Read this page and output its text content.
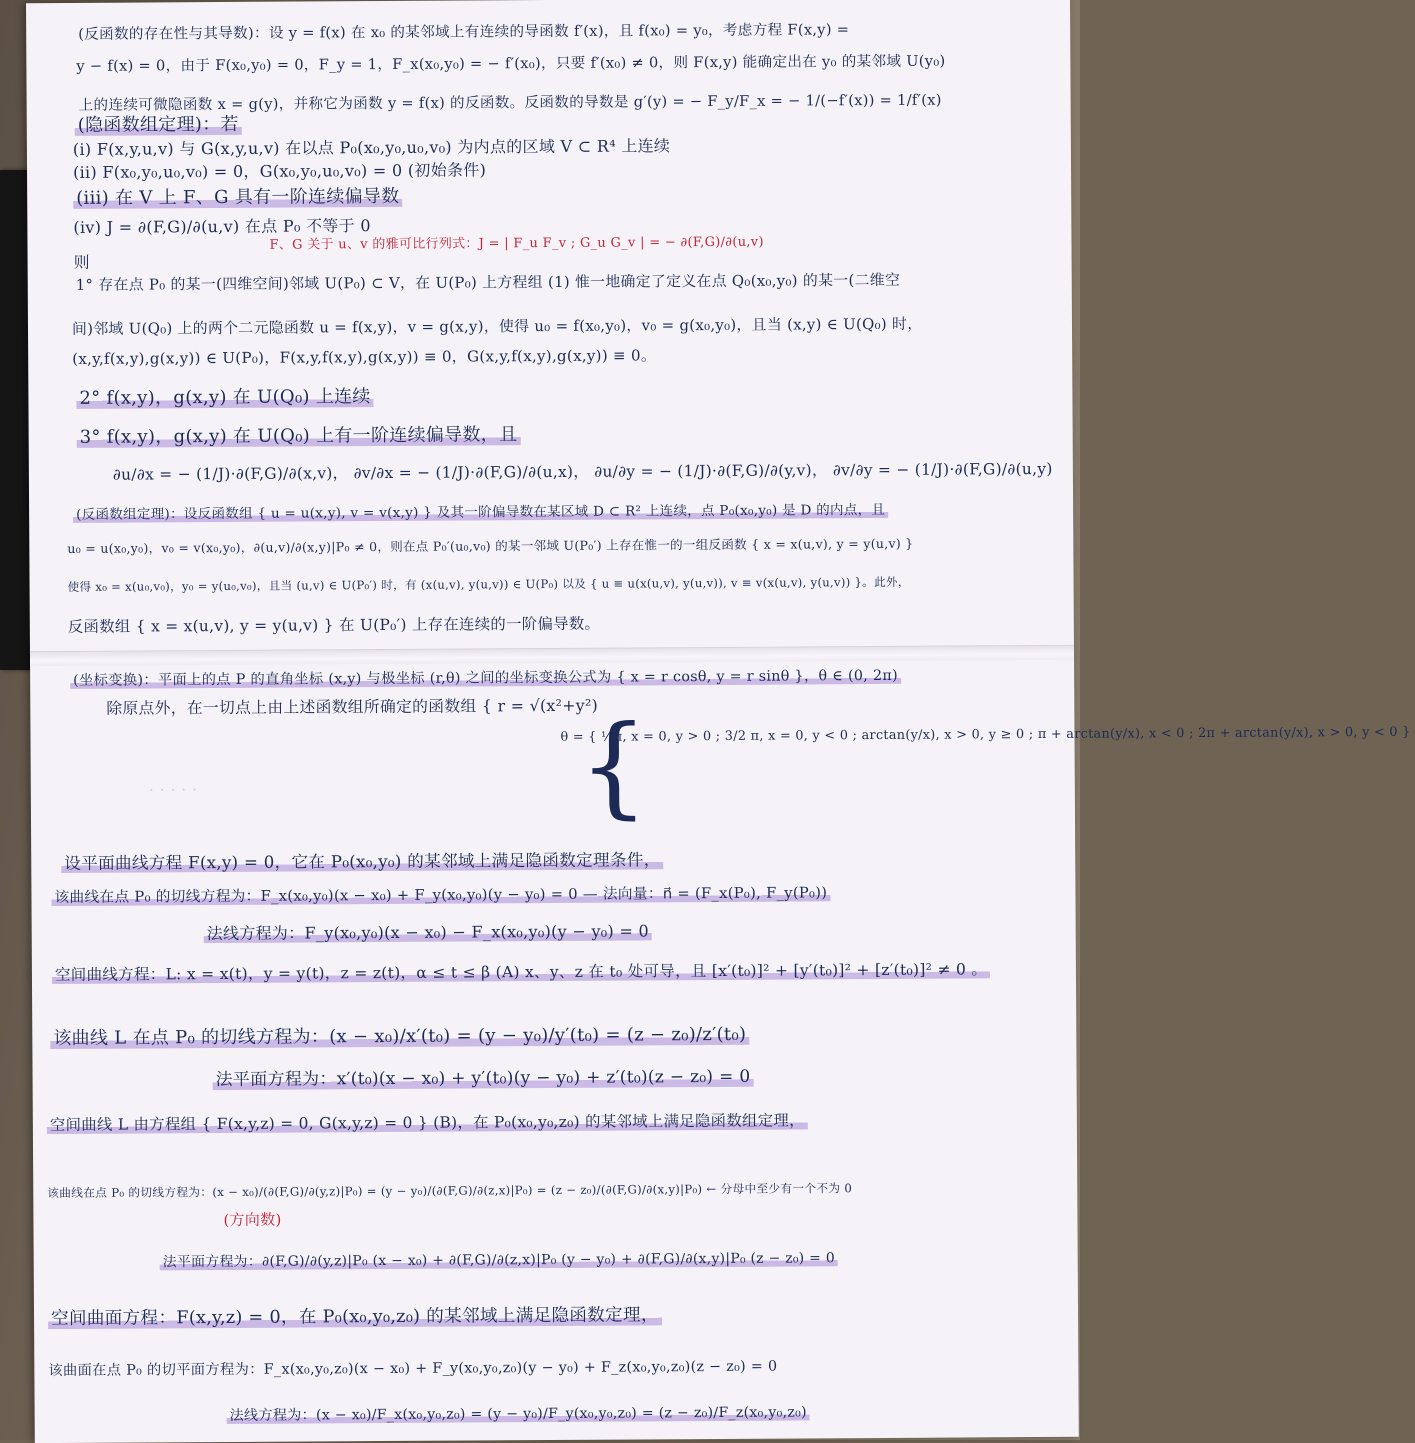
(反函数的存在性与其导数)：设 y = f(x) 在 x₀ 的某邻域上有连续的导函数 f′(x)，且 f(x₀) = y₀，考虑方程 F(x,y) =
y − f(x) = 0，由于 F(x₀,y₀) = 0，F_y = 1，F_x(x₀,y₀) = − f′(x₀)，只要 f′(x₀) ≠ 0，则 F(x,y) 能确定出在 y₀ 的某邻域 U(y₀)
上的连续可微隐函数 x = g(y)，并称它为函数 y = f(x) 的反函数。反函数的导数是 g′(y) = − F_y/F_x = − 1/(−f′(x)) = 1/f′(x)
(隐函数组定理)：若
(i) F(x,y,u,v) 与 G(x,y,u,v) 在以点 P₀(x₀,y₀,u₀,v₀) 为内点的区域 V ⊂ R⁴ 上连续
(ii) F(x₀,y₀,u₀,v₀) = 0，G(x₀,y₀,u₀,v₀) = 0 (初始条件)
(iii) 在 V 上 F、G 具有一阶连续偏导数
(iv) J = ∂(F,G)/∂(u,v) 在点 P₀ 不等于 0
F、G 关于 u、v 的雅可比行列式：J = | F_u F_v ; G_u G_v | = − ∂(F,G)/∂(u,v)
则
1° 存在点 P₀ 的某一(四维空间)邻域 U(P₀) ⊂ V，在 U(P₀) 上方程组 (1) 惟一地确定了定义在点 Q₀(x₀,y₀) 的某一(二维空
间)邻域 U(Q₀) 上的两个二元隐函数 u = f(x,y)，v = g(x,y)，使得 u₀ = f(x₀,y₀)，v₀ = g(x₀,y₀)，且当 (x,y) ∈ U(Q₀) 时，
(x,y,f(x,y),g(x,y)) ∈ U(P₀)，F(x,y,f(x,y),g(x,y)) ≡ 0，G(x,y,f(x,y),g(x,y)) ≡ 0。
2° f(x,y)，g(x,y) 在 U(Q₀) 上连续
3° f(x,y)，g(x,y) 在 U(Q₀) 上有一阶连续偏导数，且
∂u/∂x = − (1/J)·∂(F,G)/∂(x,v)， ∂v/∂x = − (1/J)·∂(F,G)/∂(u,x)， ∂u/∂y = − (1/J)·∂(F,G)/∂(y,v)， ∂v/∂y = − (1/J)·∂(F,G)/∂(u,y)
(反函数组定理)：设反函数组 { u = u(x,y), v = v(x,y) } 及其一阶偏导数在某区域 D ⊂ R² 上连续，点 P₀(x₀,y₀) 是 D 的内点，且
u₀ = u(x₀,y₀)，v₀ = v(x₀,y₀)，∂(u,v)/∂(x,y)|P₀ ≠ 0，则在点 P₀′(u₀,v₀) 的某一邻域 U(P₀′) 上存在惟一的一组反函数 { x = x(u,v), y = y(u,v) }
使得 x₀ = x(u₀,v₀)，y₀ = y(u₀,v₀)，且当 (u,v) ∈ U(P₀′) 时，有 (x(u,v), y(u,v)) ∈ U(P₀) 以及 { u ≡ u(x(u,v), y(u,v)), v ≡ v(x(u,v), y(u,v)) }。此外，
反函数组 { x = x(u,v), y = y(u,v) } 在 U(P₀′) 上存在连续的一阶偏导数。
(坐标变换)：平面上的点 P 的直角坐标 (x,y) 与极坐标 (r,θ) 之间的坐标变换公式为 { x = r cosθ, y = r sinθ }，θ ∈ (0, 2π)
除原点外，在一切点上由上述函数组所确定的函数组 { r = √(x²+y²)
{
θ = { ½π, x = 0, y > 0 ; 3/2 π, x = 0, y < 0 ; arctan(y/x), x > 0, y ≥ 0 ; π + arctan(y/x), x < 0 ; 2π + arctan(y/x), x > 0, y < 0 }
· · · · ·
设平面曲线方程 F(x,y) = 0，它在 P₀(x₀,y₀) 的某邻域上满足隐函数定理条件，
该曲线在点 P₀ 的切线方程为：F_x(x₀,y₀)(x − x₀) + F_y(x₀,y₀)(y − y₀) = 0 — 法向量：n⃗ = (F_x(P₀), F_y(P₀))
法线方程为：F_y(x₀,y₀)(x − x₀) − F_x(x₀,y₀)(y − y₀) = 0
空间曲线方程：L: x = x(t)，y = y(t)，z = z(t)，α ≤ t ≤ β (A) x、y、z 在 t₀ 处可导，且 [x′(t₀)]² + [y′(t₀)]² + [z′(t₀)]² ≠ 0 。
该曲线 L 在点 P₀ 的切线方程为：(x − x₀)/x′(t₀) = (y − y₀)/y′(t₀) = (z − z₀)/z′(t₀)
法平面方程为：x′(t₀)(x − x₀) + y′(t₀)(y − y₀) + z′(t₀)(z − z₀) = 0
空间曲线 L 由方程组 { F(x,y,z) = 0, G(x,y,z) = 0 } (B)，在 P₀(x₀,y₀,z₀) 的某邻域上满足隐函数组定理，
该曲线在点 P₀ 的切线方程为：(x − x₀)/(∂(F,G)/∂(y,z)|P₀) = (y − y₀)/(∂(F,G)/∂(z,x)|P₀) = (z − z₀)/(∂(F,G)/∂(x,y)|P₀) ← 分母中至少有一个不为 0
(方向数)
法平面方程为：∂(F,G)/∂(y,z)|P₀ (x − x₀) + ∂(F,G)/∂(z,x)|P₀ (y − y₀) + ∂(F,G)/∂(x,y)|P₀ (z − z₀) = 0
空间曲面方程：F(x,y,z) = 0，在 P₀(x₀,y₀,z₀) 的某邻域上满足隐函数定理，
该曲面在点 P₀ 的切平面方程为：F_x(x₀,y₀,z₀)(x − x₀) + F_y(x₀,y₀,z₀)(y − y₀) + F_z(x₀,y₀,z₀)(z − z₀) = 0
法线方程为：(x − x₀)/F_x(x₀,y₀,z₀) = (y − y₀)/F_y(x₀,y₀,z₀) = (z − z₀)/F_z(x₀,y₀,z₀)
